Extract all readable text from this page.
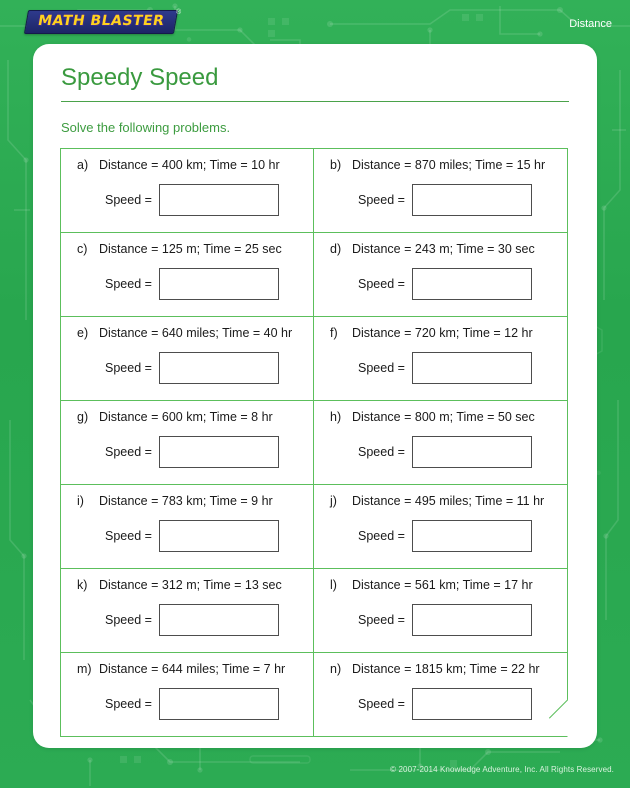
MATH BLASTER
®
Distance
Speedy Speed
Solve the following problems.
a) Distance = 400 km; Time = 10 hr
Speed =
b) Distance = 870 miles; Time = 15 hr
Speed =
c) Distance = 125 m; Time = 25 sec
Speed =
d) Distance = 243 m; Time = 30 sec
Speed =
e) Distance = 640 miles; Time = 40 hr
Speed =
f)	Distance = 720 km; Time = 12 hr
Speed =
g) Distance = 600 km; Time = 8 hr
Speed =
h) Distance = 800 m; Time = 50 sec
Speed =
i)	Distance = 783 km; Time = 9 hr
Speed =
j)	Distance = 495 miles; Time = 11 hr
Speed =
k) Distance = 312 m; Time = 13 sec
Speed =
l)	Distance = 561 km; Time = 17 hr
Speed =
m) Distance = 644 miles; Time = 7 hr
Speed =
n) Distance = 1815 km; Time = 22 hr
Speed =
© 2007-2014 Knowledge Adventure, Inc. All Rights Reserved.
